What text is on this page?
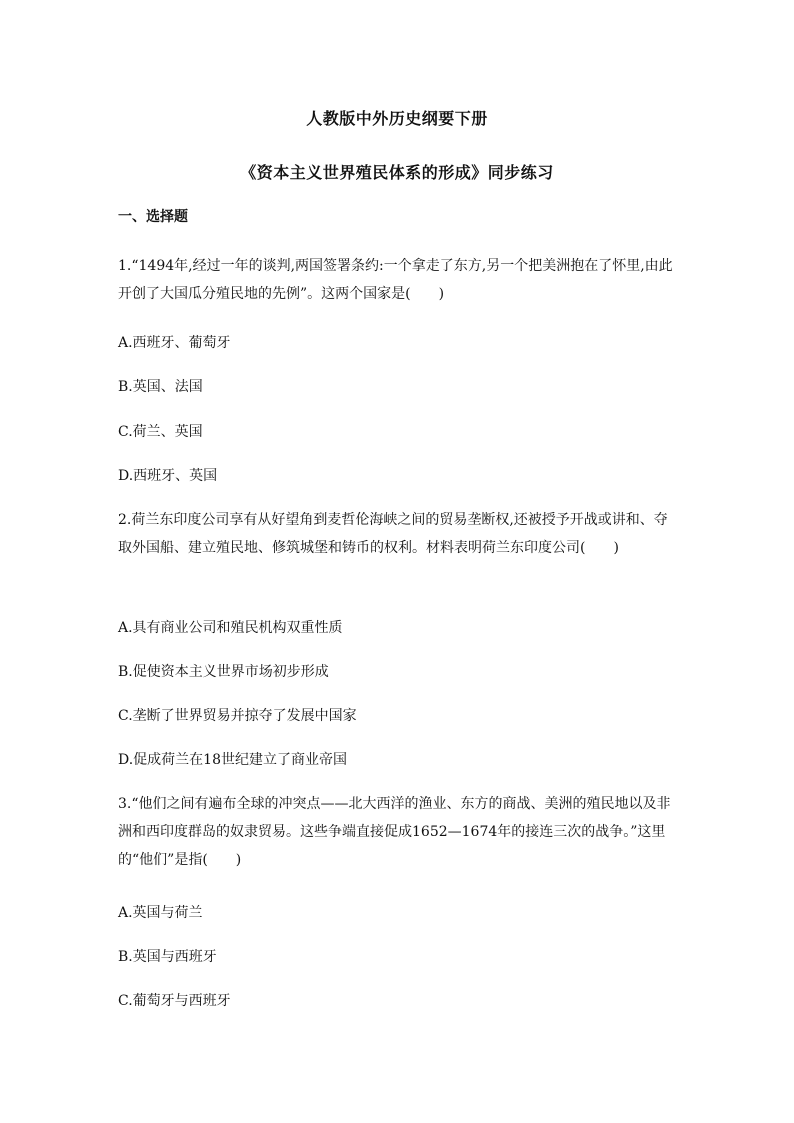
人教版中外历史纲要下册
《资本主义世界殖民体系的形成》同步练习
一、选择题
1.“1494年,经过一年的谈判,两国签署条约:一个拿走了东方,另一个把美洲抱在了怀里,由此开创了大国瓜分殖民地的先例”。这两个国家是(　　)
A.西班牙、葡萄牙
B.英国、法国
C.荷兰、英国
D.西班牙、英国
2.荷兰东印度公司享有从好望角到麦哲伦海峡之间的贸易垄断权,还被授予开战或讲和、夺取外国船、建立殖民地、修筑城堡和铸币的权利。材料表明荷兰东印度公司(　　)
A.具有商业公司和殖民机构双重性质
B.促使资本主义世界市场初步形成
C.垄断了世界贸易并掠夺了发展中国家
D.促成荷兰在18世纪建立了商业帝国
3.“他们之间有遍布全球的冲突点——北大西洋的渔业、东方的商战、美洲的殖民地以及非洲和西印度群岛的奴隶贸易。这些争端直接促成1652—1674年的接连三次的战争。”这里的“他们”是指(　　)
A.英国与荷兰
B.英国与西班牙
C.葡萄牙与西班牙
